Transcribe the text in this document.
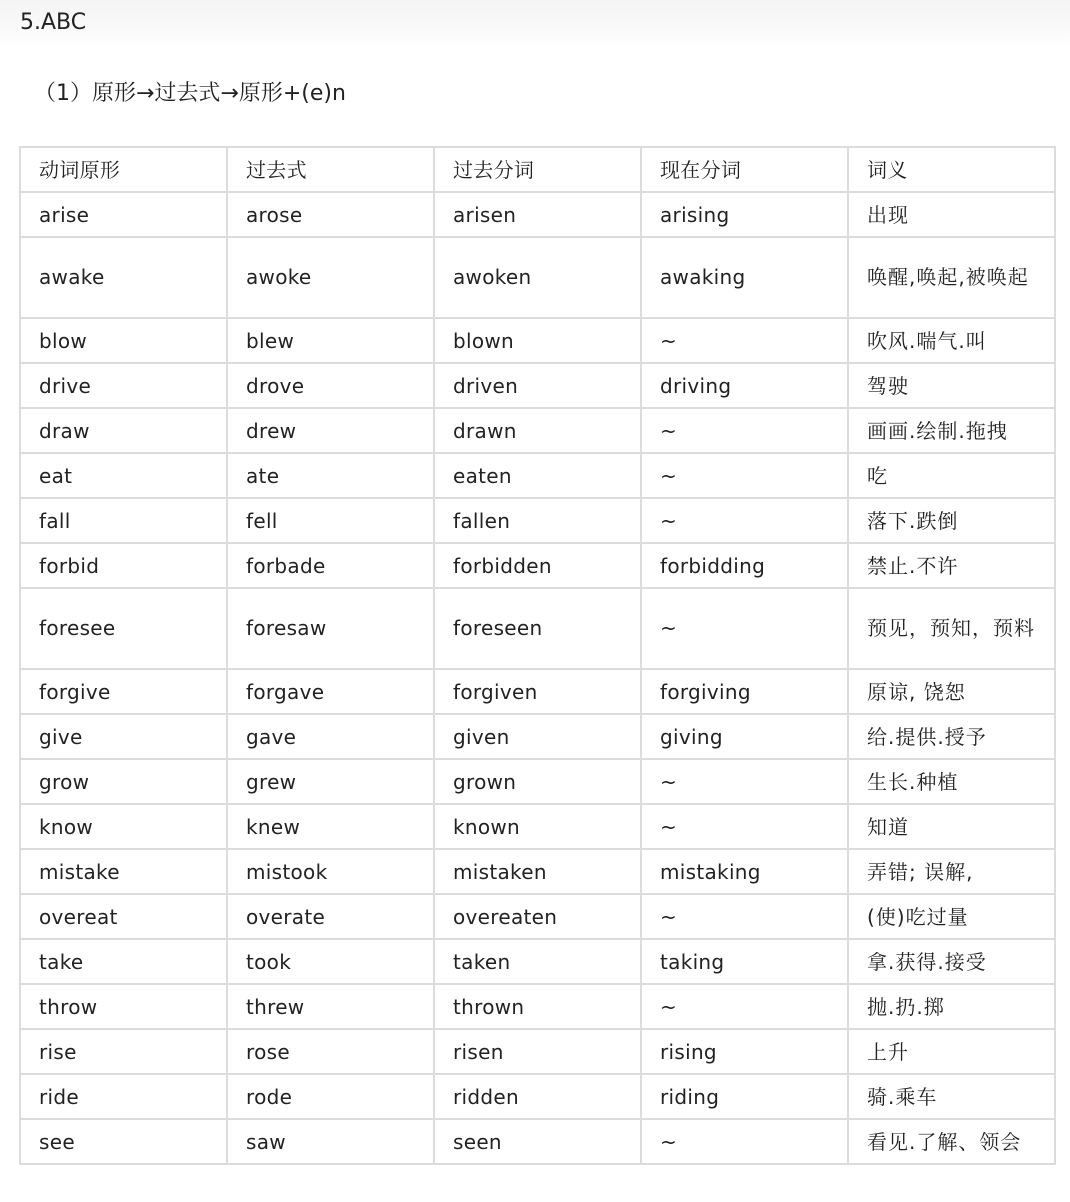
5.ABC
（1）原形→过去式→原形+(e)n
动词原形	过去式	过去分词	现在分词	词义
arise	arose	arisen	arising	出现
awake	awoke	awoken	awaking	唤醒,唤起,被唤起
blow	blew	blown	~	吹风.喘气.叫
drive	drove	driven	driving	驾驶
draw	drew	drawn	~	画画.绘制.拖拽
eat	ate	eaten	~	吃
fall	fell	fallen	~	落下.跌倒
forbid	forbade	forbidden	forbidding	禁止.不许
foresee	foresaw	foreseen	~	预见，预知，预料
forgive	forgave	forgiven	forgiving	原谅, 饶恕
give	gave	given	giving	给.提供.授予
grow	grew	grown	~	生长.种植
know	knew	known	~	知道
mistake	mistook	mistaken	mistaking	弄错; 误解,
overeat	overate	overeaten	~	(使)吃过量
take	took	taken	taking	拿.获得.接受
throw	threw	thrown	~	抛.扔.掷
rise	rose	risen	rising	上升
ride	rode	ridden	riding	骑.乘车
see	saw	seen	~	看见.了解、领会
